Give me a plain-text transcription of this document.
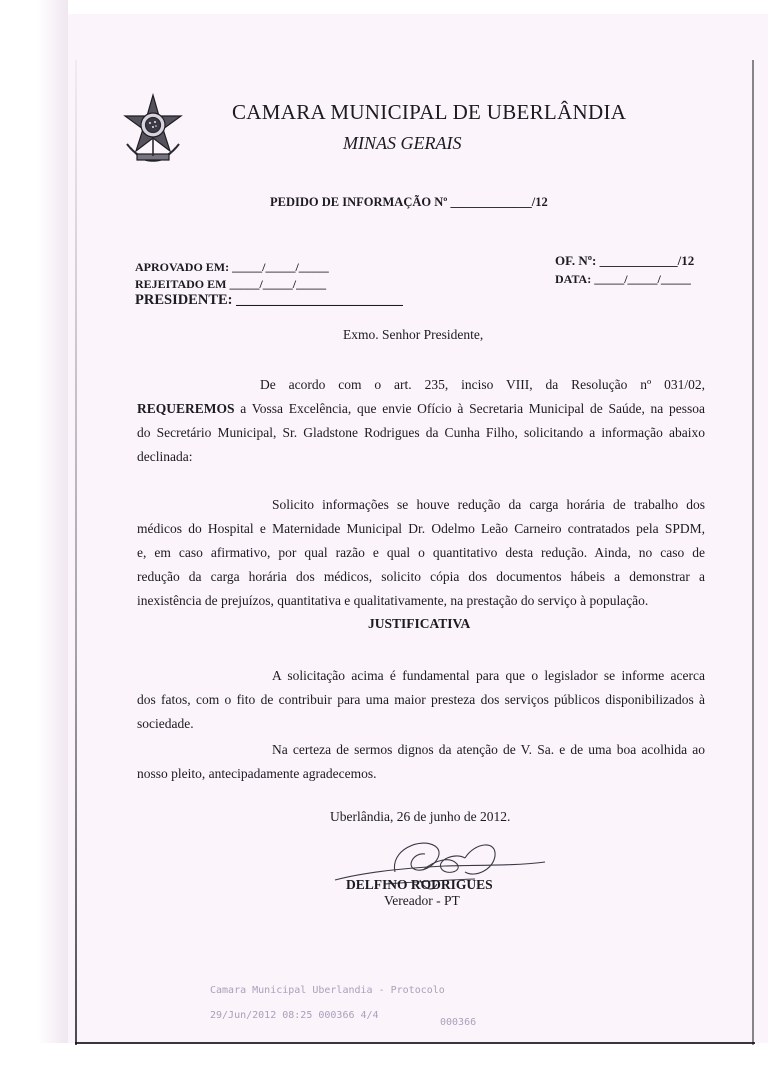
CAMARA MUNICIPAL DE UBERLÂNDIA
MINAS GERAIS
PEDIDO DE INFORMAÇÃO Nº _____________/12
APROVADO EM: _____/_____/_____
REJEITADO EM _____/_____/_____
PRESIDENTE: _______________________
OF. Nº: ____________/12
DATA: _____/_____/_____
Exmo. Senhor Presidente,
De acordo com o art. 235, inciso VIII, da Resolução nº 031/02,
REQUEREMOS a Vossa Excelência, que envie Ofício à Secretaria Municipal de Saúde, na pessoa
do Secretário Municipal, Sr. Gladstone Rodrigues da Cunha Filho, solicitando a informação abaixo
declinada:
Solicito informações se houve redução da carga horária de trabalho dos
médicos do Hospital e Maternidade Municipal Dr. Odelmo Leão Carneiro contratados pela SPDM,
e, em caso afirmativo, por qual razão e qual o quantitativo desta redução. Ainda, no caso de
redução da carga horária dos médicos, solicito cópia dos documentos hábeis a demonstrar a
inexistência de prejuízos, quantitativa e qualitativamente, na prestação do serviço à população.
JUSTIFICATIVA
A solicitação acima é fundamental para que o legislador se informe acerca
dos fatos, com o fito de contribuir para uma maior presteza dos serviços públicos disponibilizados à
sociedade.
Na certeza de sermos dignos da atenção de V. Sa. e de uma boa acolhida ao
nosso pleito, antecipadamente agradecemos.
Uberlândia, 26 de junho de 2012.
DELFINO RODRIGUES
Vereador - PT
Camara Municipal Uberlandia - Protocolo
29/Jun/2012 08:25 000366 4/4
000366
